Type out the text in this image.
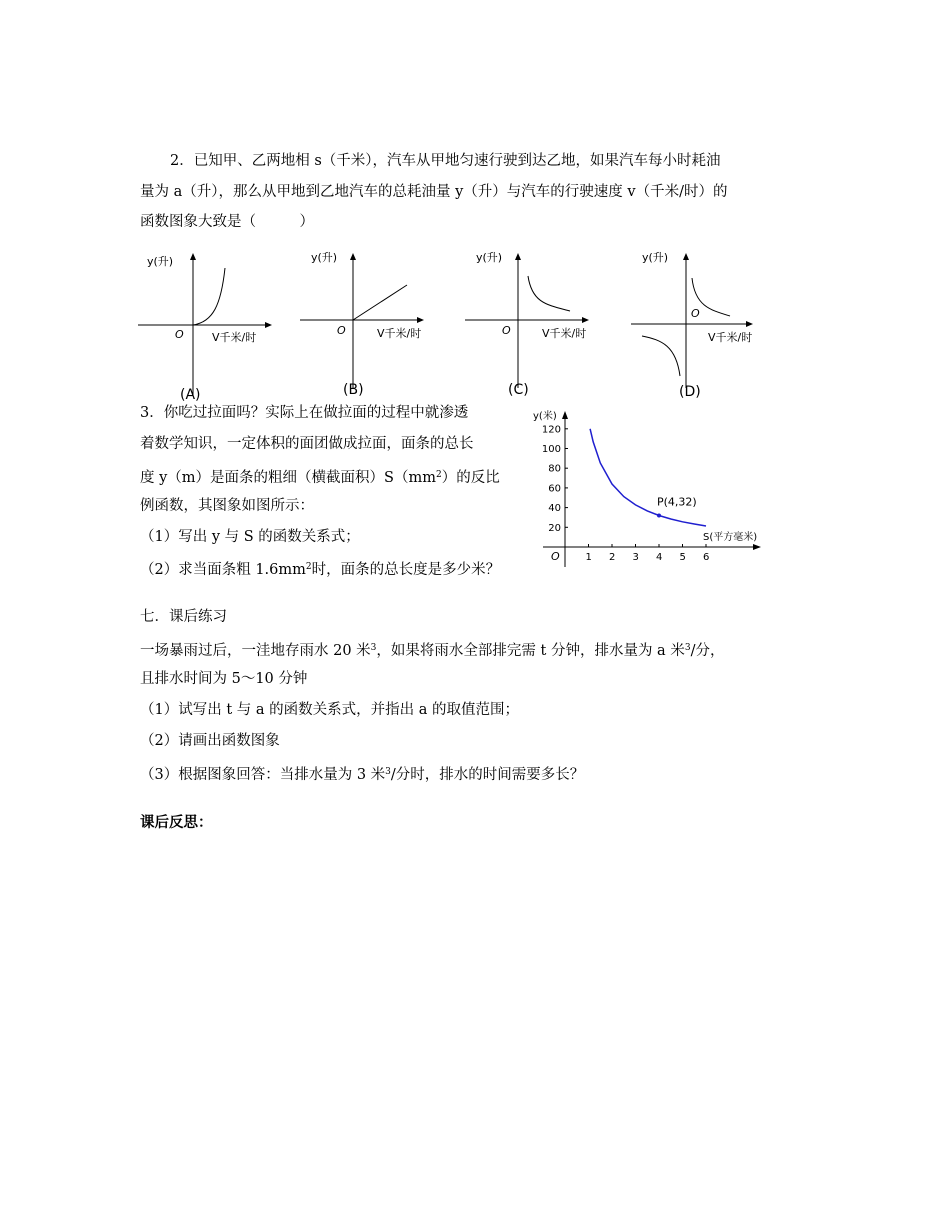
2．已知甲、乙两地相 s（千米），汽车从甲地匀速行驶到达乙地，如果汽车每小时耗油
量为 a（升），那么从甲地到乙地汽车的总耗油量 y（升）与汽车的行驶速度 v（千米/时）的
函数图象大致是（　　　）
y(升)
O	V千米/时
(A)
y(升)
O	V千米/时
(B)
y(升)
O	V千米/时
(C)
y(升)
O
V千米/时
(D)
3．你吃过拉面吗？实际上在做拉面的过程中就渗透
着数学知识，一定体积的面团做成拉面，面条的总长
度 y（m）是面条的粗细（横截面积）$S(mm^2)$的反比
例函数，其图象如图所示：
（1）写出 y 与 S 的函数关系式；
（2）求当面条粗 $1.6mm^2$时，面条的总长度是多少米？
1 2 3 4 5 6
20
40
60
80
100
120
P(4,32)
y(米)
O
S(平方毫米)
七．课后练习
一场暴雨过后，一洼地存雨水 20 米$^3$，如果将雨水全部排完需 t 分钟，排水量为 a 米$^3$/分，
且排水时间为 5～10 分钟
（1）试写出 t 与 a 的函数关系式，并指出 a 的取值范围；
（2）请画出函数图象
（3）根据图象回答：当排水量为 3 米$^3$/分时，排水的时间需要多长？
课后反思：
